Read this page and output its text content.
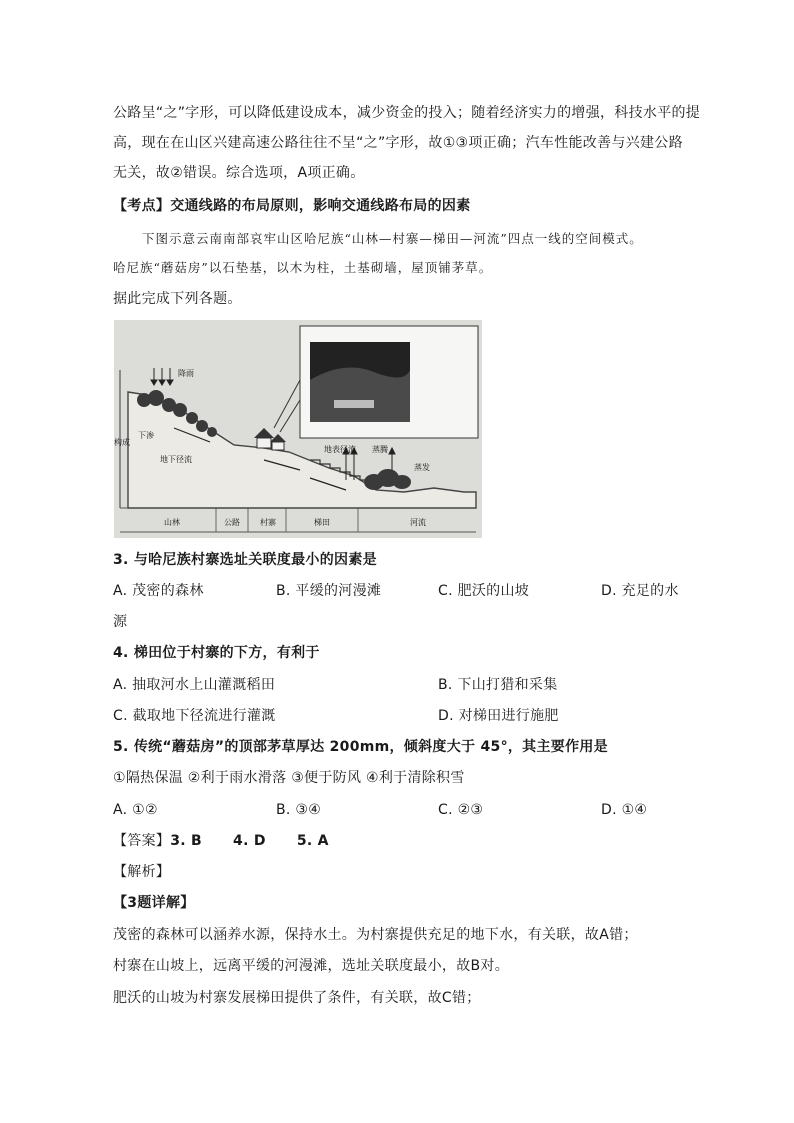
公路呈“之”字形，可以降低建设成本，减少资金的投入；随着经济实力的增强，科技水平的提
高，现在在山区兴建高速公路往往不呈“之”字形，故①③项正确；汽车性能改善与兴建公路
无关，故②错误。综合选项，A项正确。
【考点】交通线路的布局原则，影响交通线路布局的因素
下图示意云南南部哀牢山区哈尼族“山林—村寨—梯田—河流”四点一线的空间模式。
哈尼族“蘑菇房”以石垫基，以木为柱，土基砌墙，屋顶铺茅草。
据此完成下列各题。
降雨
下渗
地下径流
地表径流 蒸腾
蒸发
构成
山林	公路	村寨	梯田	河流
3. 与哈尼族村寨选址关联度最小的因素是
A. 茂密的森林	B. 平缓的河漫滩	C. 肥沃的山坡	D. 充足的水
源
4. 梯田位于村寨的下方，有利于
A. 抽取河水上山灌溉稻田	B. 下山打猎和采集
C. 截取地下径流进行灌溉	D. 对梯田进行施肥
5. 传统“蘑菇房”的顶部茅草厚达 200mm，倾斜度大于 45°，其主要作用是
①隔热保温 ②利于雨水滑落 ③便于防风 ④利于清除积雪
A. ①②	B. ③④	C. ②③	D. ①④
【答案】3. B      4. D      5. A
【解析】
【3题详解】
茂密的森林可以涵养水源，保持水土。为村寨提供充足的地下水，有关联，故A错；
村寨在山坡上，远离平缓的河漫滩，选址关联度最小，故B对。
肥沃的山坡为村寨发展梯田提供了条件，有关联，故C错；
